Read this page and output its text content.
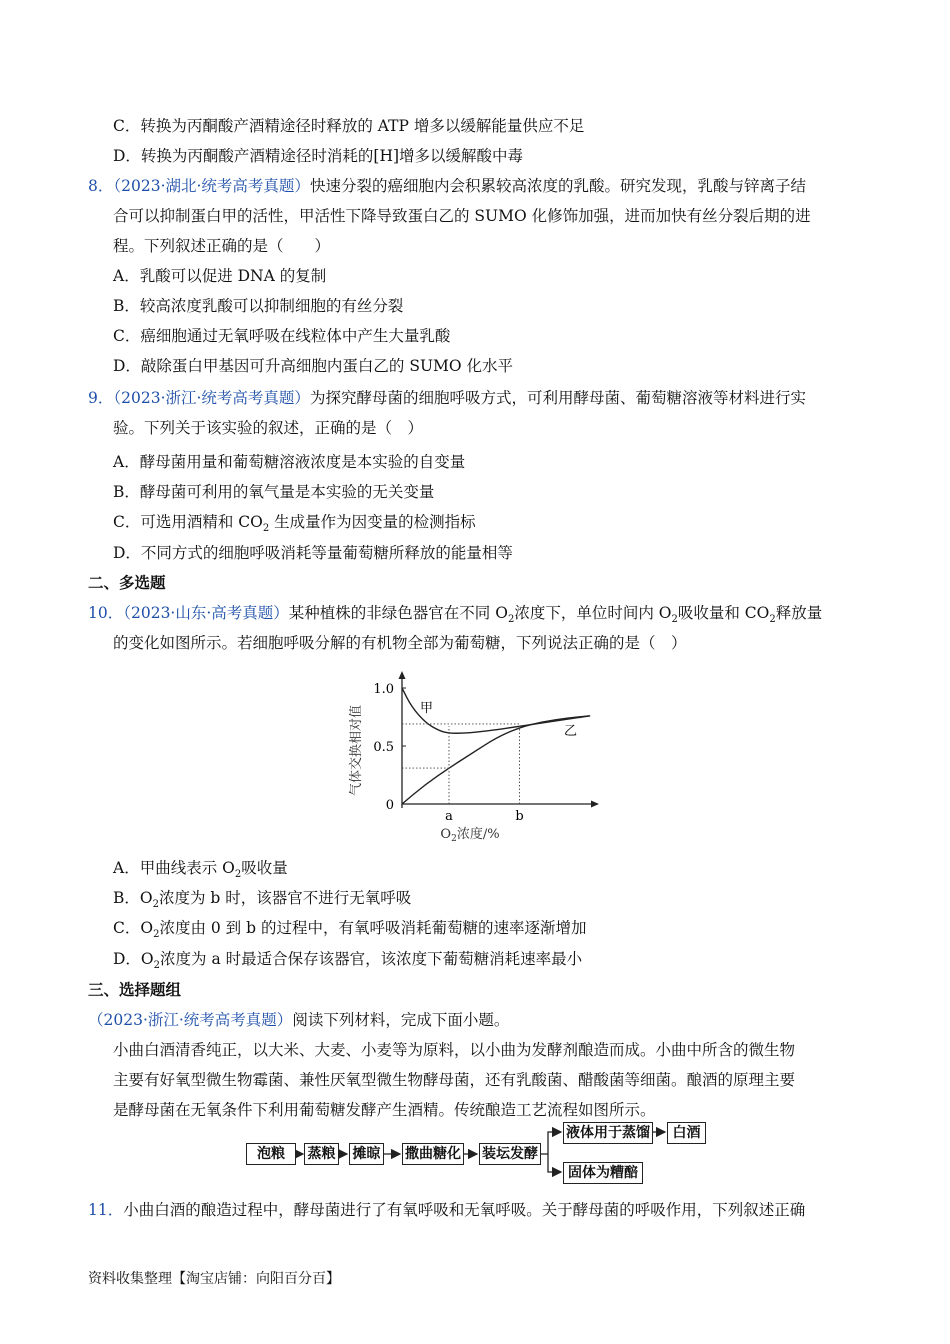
C．转换为丙酮酸产酒精途径时释放的 ATP 增多以缓解能量供应不足
D．转换为丙酮酸产酒精途径时消耗的[H]增多以缓解酸中毒
8．（2023·湖北·统考高考真题）快速分裂的癌细胞内会积累较高浓度的乳酸。研究发现，乳酸与锌离子结
合可以抑制蛋白甲的活性，甲活性下降导致蛋白乙的 SUMO 化修饰加强，进而加快有丝分裂后期的进
程。下列叙述正确的是（　　）
A．乳酸可以促进 DNA 的复制
B．较高浓度乳酸可以抑制细胞的有丝分裂
C．癌细胞通过无氧呼吸在线粒体中产生大量乳酸
D．敲除蛋白甲基因可升高细胞内蛋白乙的 SUMO 化水平
9．（2023·浙江·统考高考真题）为探究酵母菌的细胞呼吸方式，可利用酵母菌、葡萄糖溶液等材料进行实
验。下列关于该实验的叙述，正确的是（　）
A．酵母菌用量和葡萄糖溶液浓度是本实验的自变量
B．酵母菌可利用的氧气量是本实验的无关变量
C．可选用酒精和 $CO_2$ 生成量作为因变量的检测指标
D．不同方式的细胞呼吸消耗等量葡萄糖所释放的能量相等
二、多选题
10．（2023·山东·高考真题）某种植株的非绿色器官在不同 $O_2$浓度下，单位时间内 $O_2$吸收量和 $CO_2$释放量
的变化如图所示。若细胞呼吸分解的有机物全部为葡萄糖，下列说法正确的是（　）
1.0
0.5
0
气体交换相对值
a	b
$O_2$浓度/%
甲
乙
A．甲曲线表示 $O_2$吸收量
B．$O_2$浓度为 b 时，该器官不进行无氧呼吸
C．$O_2$浓度由 0 到 b 的过程中，有氧呼吸消耗葡萄糖的速率逐渐增加
D．$O_2$浓度为 a 时最适合保存该器官，该浓度下葡萄糖消耗速率最小
三、选择题组
（2023·浙江·统考高考真题）阅读下列材料，完成下面小题。
小曲白酒清香纯正，以大米、大麦、小麦等为原料，以小曲为发酵剂酿造而成。小曲中所含的微生物
主要有好氧型微生物霉菌、兼性厌氧型微生物酵母菌，还有乳酸菌、醋酸菌等细菌。酿酒的原理主要
是酵母菌在无氧条件下利用葡萄糖发酵产生酒精。传统酿造工艺流程如图所示。
泡粮	蒸粮 摊晾 撒曲糖化 装坛发酵
液体用于蒸馏	白酒
固体为糟醅
11．小曲白酒的酿造过程中，酵母菌进行了有氧呼吸和无氧呼吸。关于酵母菌的呼吸作用，下列叙述正确
资料收集整理【淘宝店铺：向阳百分百】
